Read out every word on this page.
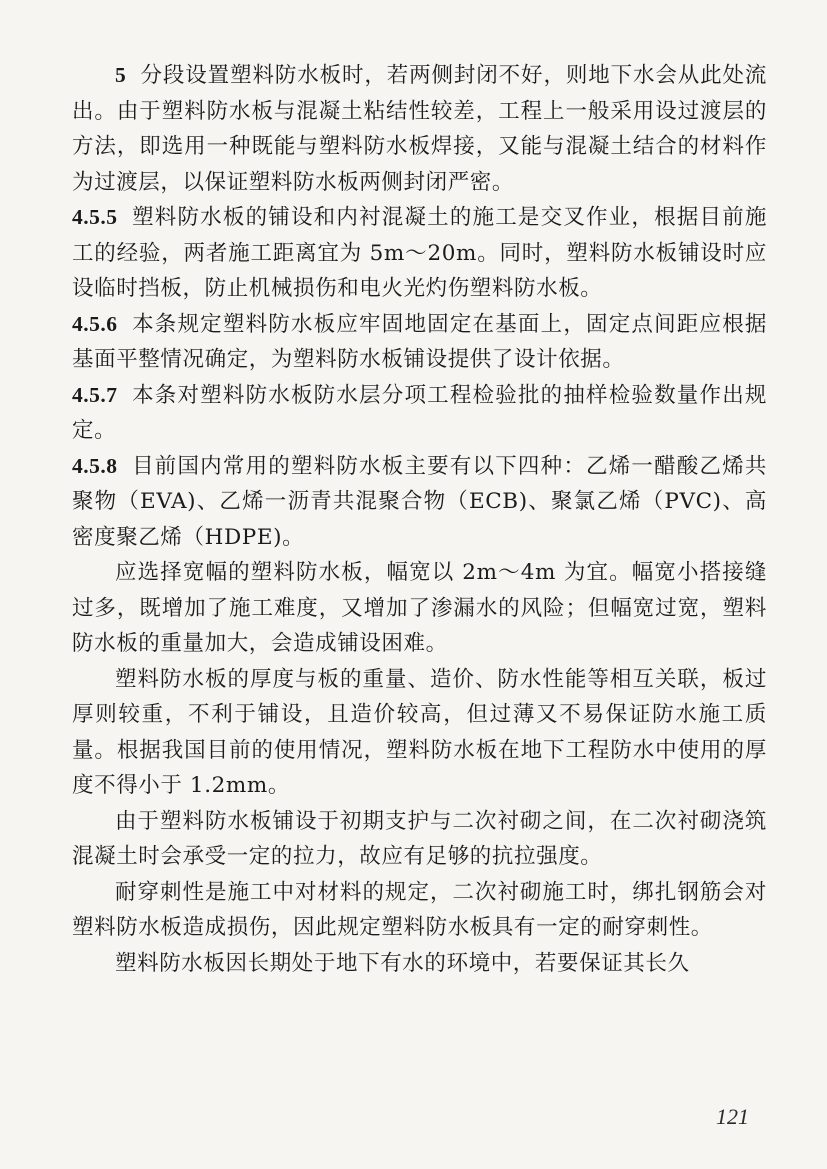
5 分段设置塑料防水板时，若两侧封闭不好，则地下水会从此处流出。由于塑料防水板与混凝土粘结性较差，工程上一般采用设过渡层的方法，即选用一种既能与塑料防水板焊接，又能与混凝土结合的材料作为过渡层，以保证塑料防水板两侧封闭严密。

4.5.5 塑料防水板的铺设和内衬混凝土的施工是交叉作业，根据目前施工的经验，两者施工距离宜为 5m～20m。同时，塑料防水板铺设时应设临时挡板，防止机械损伤和电火光灼伤塑料防水板。

4.5.6 本条规定塑料防水板应牢固地固定在基面上，固定点间距应根据基面平整情况确定，为塑料防水板铺设提供了设计依据。

4.5.7 本条对塑料防水板防水层分项工程检验批的抽样检验数量作出规定。

4.5.8 目前国内常用的塑料防水板主要有以下四种：乙烯一醋酸乙烯共聚物（EVA)、乙烯一沥青共混聚合物（ECB)、聚氯乙烯（PVC)、高密度聚乙烯（HDPE)。

应选择宽幅的塑料防水板，幅宽以 2m～4m 为宜。幅宽小搭接缝过多，既增加了施工难度，又增加了渗漏水的风险；但幅宽过宽，塑料防水板的重量加大，会造成铺设困难。

塑料防水板的厚度与板的重量、造价、防水性能等相互关联，板过厚则较重，不利于铺设，且造价较高，但过薄又不易保证防水施工质量。根据我国目前的使用情况，塑料防水板在地下工程防水中使用的厚度不得小于 1.2mm。

由于塑料防水板铺设于初期支护与二次衬砌之间，在二次衬砌浇筑混凝土时会承受一定的拉力，故应有足够的抗拉强度。

耐穿刺性是施工中对材料的规定，二次衬砌施工时，绑扎钢筋会对塑料防水板造成损伤，因此规定塑料防水板具有一定的耐穿刺性。

塑料防水板因长期处于地下有水的环境中，若要保证其长久

121
